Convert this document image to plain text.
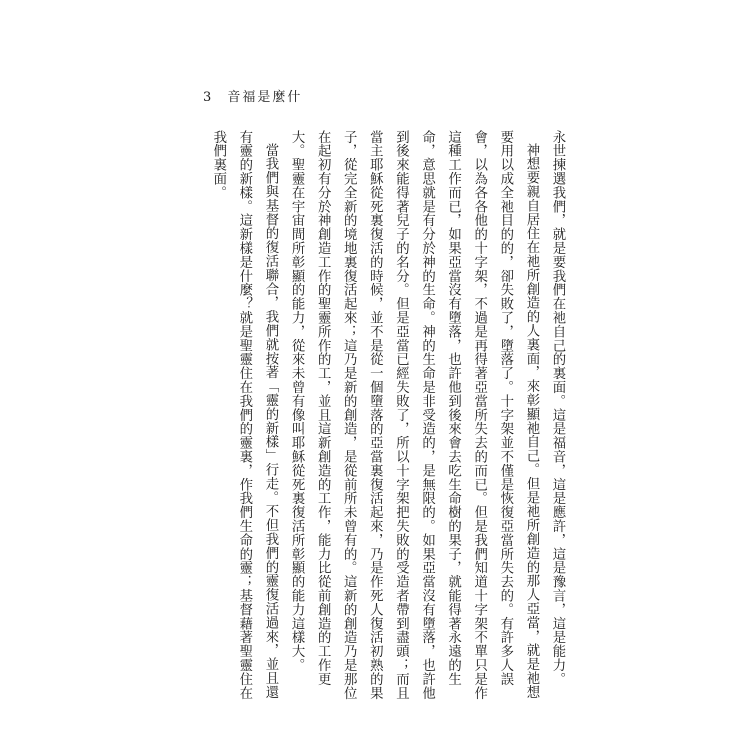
3 音福是麼什

永世揀選我們，就是要我們在祂自己的裏面。這是福音，這是應許，這是豫言，這是能力。

神想要親自居住在祂所創造的人裏面，來彰顯祂自己。但是祂所創造的那人亞當，就是祂想要用以成全祂目的的，卻失敗了，墮落了。十字架並不僅是恢復亞當所失去的。有許多人誤會，以為各各他的十字架，不過是再得著亞當所失去的而已。但是我們知道十字架不單只是作這種工作而已，如果亞當沒有墮落，也許他到後來會去吃生命樹的果子，就能得著永遠的生命，意思就是有分於神的生命。神的生命是非受造的，是無限的。如果亞當沒有墮落，也許他到後來能得著兒子的名分。但是亞當已經失敗了，所以十字架把失敗的受造者帶到盡頭；而且當主耶穌從死裏復活的時候，並不是從一個墮落的亞當裏復活起來，乃是作死人復活初熟的果子，從完全新的境地裏復活起來；這乃是新的創造，是從前所未曾有的。這新的創造乃是那位在起初有分於神創造工作的聖靈所作的工，並且這新創造的工作，能力比從前創造的工作更大。聖靈在宇宙間所彰顯的能力，從來未曾有像叫耶穌從死裏復活所彰顯的能力這樣大。

當我們與基督的復活聯合，我們就按著「靈的新樣」行走。不但我們的靈復活過來，並且還有靈的新樣。這新樣是什麼？就是聖靈住在我們的靈裏，作我們生命的靈；基督藉著聖靈住在我們裏面。
